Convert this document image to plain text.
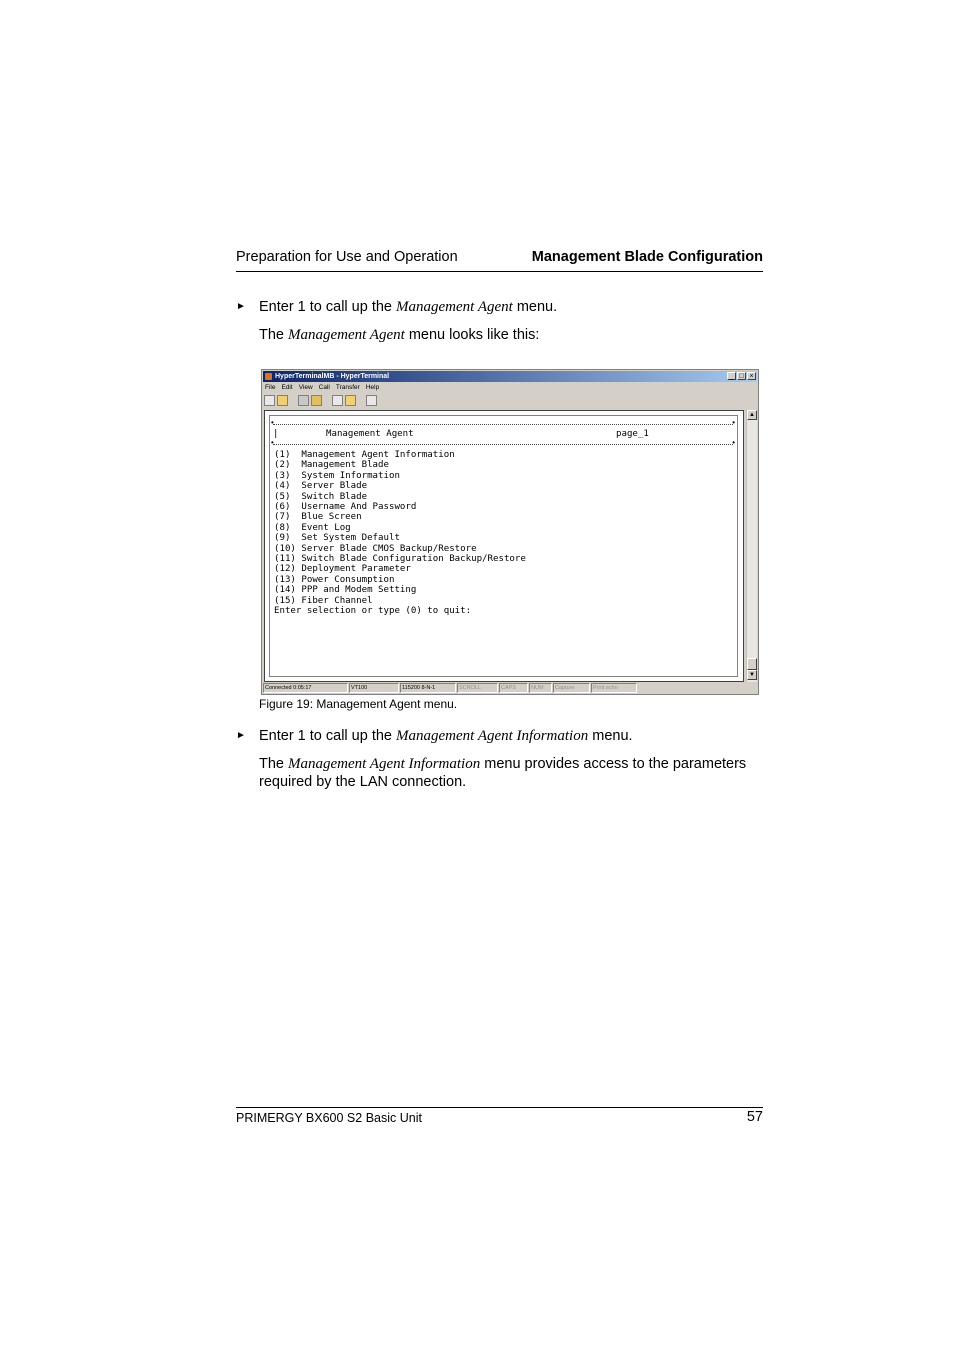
Preparation for Use and Operation	Management Blade Configuration
► Enter 1 to call up the Management Agent menu.
The Management Agent menu looks like this:
HyperTerminalMB - HyperTerminal	_ □ ×
File Edit View Call Transfer Help
• •
|	Management Agent	page_1
• •
(1)  Management Agent Information
(2)  Management Blade
(3)  System Information
(4)  Server Blade
(5)  Switch Blade
(6)  Username And Password
(7)  Blue Screen
(8)  Event Log
(9)  Set System Default
(10) Server Blade CMOS Backup/Restore
(11) Switch Blade Configuration Backup/Restore
(12) Deployment Parameter
(13) Power Consumption
(14) PPP and Modem Setting
(15) Fiber Channel
Enter selection or type (0) to quit:
▲
▼
Connected 0:05:17	VT100	115200 8-N-1	SCROLL	CAPS	NUM	Capture	Print echo
Figure 19: Management Agent menu.
► Enter 1 to call up the Management Agent Information menu.
The Management Agent Information menu provides access to the parameters required by the LAN connection.
PRIMERGY BX600 S2 Basic Unit	57
